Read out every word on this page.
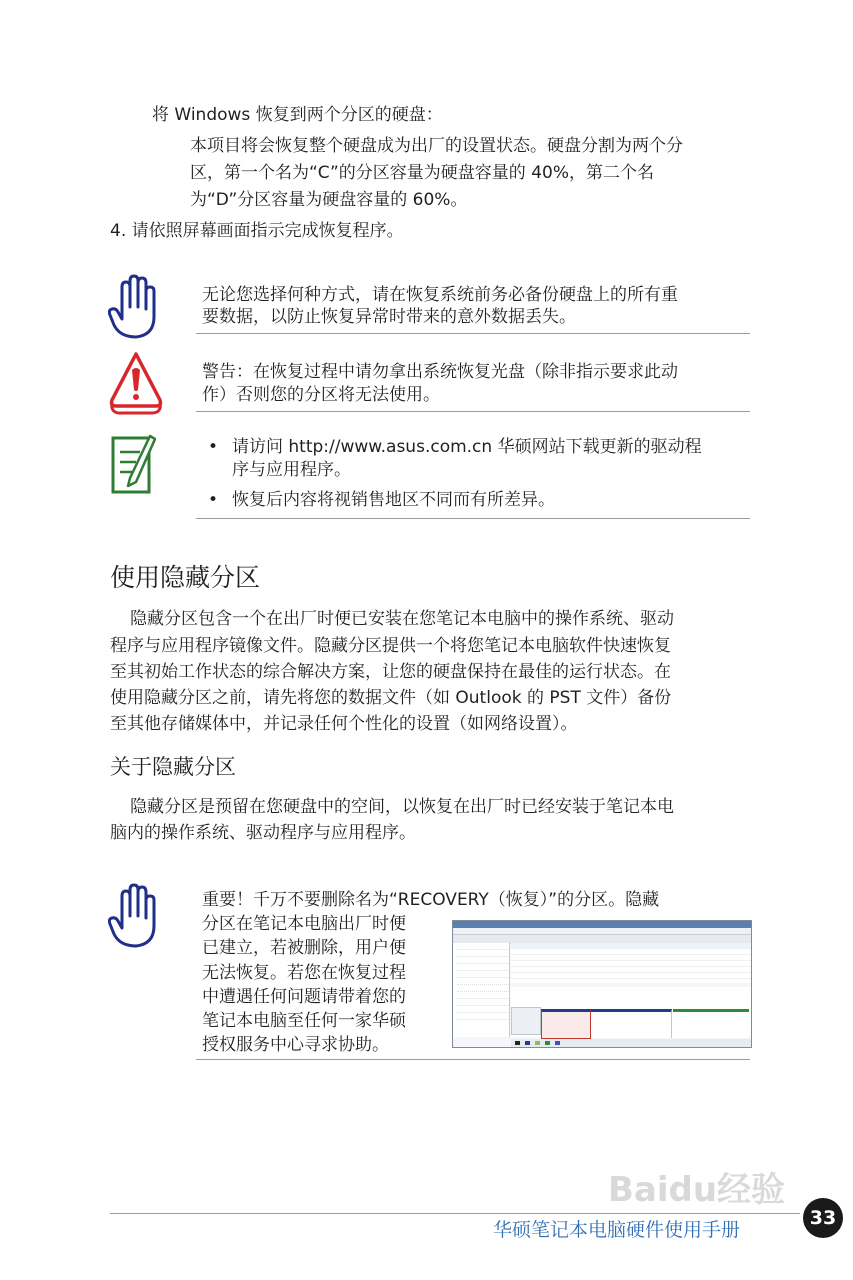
将 Windows 恢复到两个分区的硬盘：
本项目将会恢复整个硬盘成为出厂的设置状态。硬盘分割为两个分
区，第一个名为“C”的分区容量为硬盘容量的 40%，第二个名
为“D”分区容量为硬盘容量的 60%。
4. 请依照屏幕画面指示完成恢复程序。
无论您选择何种方式，请在恢复系统前务必备份硬盘上的所有重
要数据，以防止恢复异常时带来的意外数据丢失。
警告：在恢复过程中请勿拿出系统恢复光盘（除非指示要求此动
作）否则您的分区将无法使用。
• 请访问 http://www.asus.com.cn 华硕网站下载更新的驱动程
序与应用程序。
• 恢复后内容将视销售地区不同而有所差异。
使用隐藏分区
隐藏分区包含一个在出厂时便已安装在您笔记本电脑中的操作系统、驱动
程序与应用程序镜像文件。隐藏分区提供一个将您笔记本电脑软件快速恢复
至其初始工作状态的综合解决方案，让您的硬盘保持在最佳的运行状态。在
使用隐藏分区之前，请先将您的数据文件（如 Outlook 的 PST 文件）备份
至其他存储媒体中，并记录任何个性化的设置（如网络设置）。
关于隐藏分区
隐藏分区是预留在您硬盘中的空间，以恢复在出厂时已经安装于笔记本电
脑内的操作系统、驱动程序与应用程序。
重要！千万不要删除名为“RECOVERY（恢复）”的分区。隐藏
分区在笔记本电脑出厂时便
已建立，若被删除，用户便
无法恢复。若您在恢复过程
中遭遇任何问题请带着您的
笔记本电脑至任何一家华硕
授权服务中心寻求协助。
Baidu经验
华硕笔记本电脑硬件使用手册
33
